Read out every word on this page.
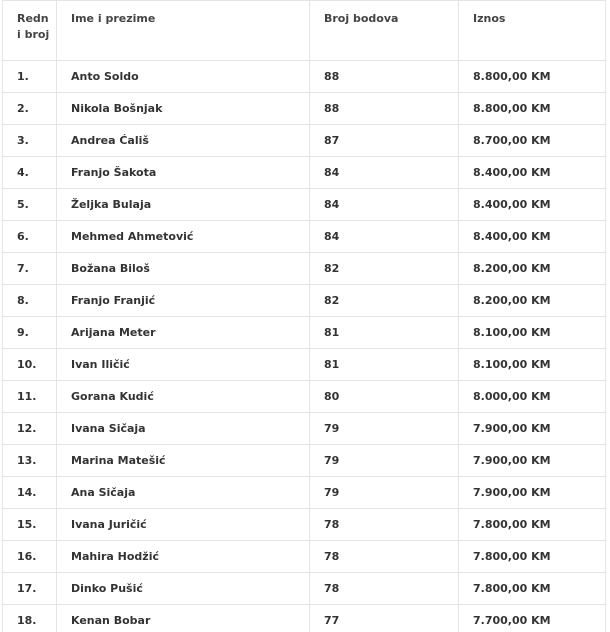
Redn i broj	Ime i prezime	Broj bodova	Iznos
1.	Anto Soldo	88	8.800,00 KM
2.	Nikola Bošnjak	88	8.800,00 KM
3.	Andrea Ćališ	87	8.700,00 KM
4.	Franjo Šakota	84	8.400,00 KM
5.	Željka Bulaja	84	8.400,00 KM
6.	Mehmed Ahmetović	84	8.400,00 KM
7.	Božana Biloš	82	8.200,00 KM
8.	Franjo Franjić	82	8.200,00 KM
9.	Arijana Meter	81	8.100,00 KM
10.	Ivan Iličić	81	8.100,00 KM
11.	Gorana Kudić	80	8.000,00 KM
12.	Ivana Sičaja	79	7.900,00 KM
13.	Marina Matešić	79	7.900,00 KM
14.	Ana Sičaja	79	7.900,00 KM
15.	Ivana Juričić	78	7.800,00 KM
16.	Mahira Hodžić	78	7.800,00 KM
17.	Dinko Pušić	78	7.800,00 KM
18.	Kenan Bobar	77	7.700,00 KM
